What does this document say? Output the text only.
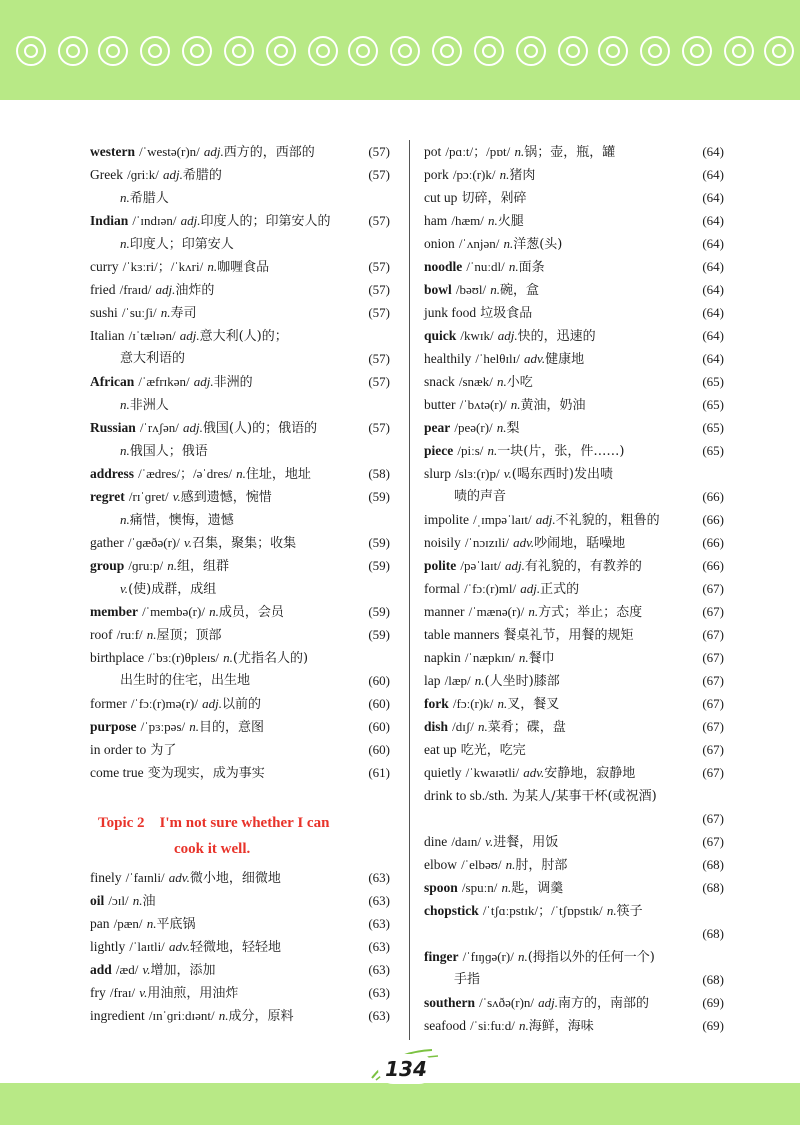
western /ˈwestə(r)n/ adj.西方的，西部的	(57)
Greek /ɡriːk/ adj.希腊的	(57)
n.希腊人
Indian /ˈɪndɪən/ adj.印度人的；印第安人的	(57)
n.印度人；印第安人
curry /ˈkɜːri/；/ˈkʌri/ n.咖喱食品	(57)
fried /fraɪd/ adj.油炸的	(57)
sushi /ˈsuːʃi/ n.寿司	(57)
Italian /ɪˈtælɪən/ adj.意大利(人)的；
意大利语的	(57)
African /ˈæfrɪkən/ adj.非洲的	(57)
n.非洲人
Russian /ˈrʌʃən/ adj.俄国(人)的；俄语的	(57)
n.俄国人；俄语
address /ˈædres/；/əˈdres/ n.住址，地址	(58)
regret /rɪˈɡret/ v.感到遗憾，惋惜	(59)
n.痛惜，懊悔，遗憾
gather /ˈɡæðə(r)/ v.召集，聚集；收集	(59)
group /ɡruːp/ n.组，组群	(59)
v.(使)成群，成组
member /ˈmembə(r)/ n.成员，会员	(59)
roof /ruːf/ n.屋顶；顶部	(59)
birthplace /ˈbɜː(r)θpleɪs/ n.(尤指名人的)
出生时的住宅，出生地	(60)
former /ˈfɔː(r)mə(r)/ adj.以前的	(60)
purpose /ˈpɜːpəs/ n.目的，意图	(60)
in order to 为了	(60)
come true 变为现实，成为事实	(61)
Topic 2　I'm not sure whether I can
cook it well.
finely /ˈfaɪnli/ adv.微小地，细微地	(63)
oil /ɔɪl/ n.油	(63)
pan /pæn/ n.平底锅	(63)
lightly /ˈlaɪtli/ adv.轻微地，轻轻地	(63)
add /æd/ v.增加，添加	(63)
fry /fraɪ/ v.用油煎，用油炸	(63)
ingredient /ɪnˈɡriːdɪənt/ n.成分，原料	(63)
pot /pɑːt/；/pɒt/ n.锅；壶，瓶，罐	(64)
pork /pɔː(r)k/ n.猪肉	(64)
cut up 切碎，剁碎	(64)
ham /hæm/ n.火腿	(64)
onion /ˈʌnjən/ n.洋葱(头)	(64)
noodle /ˈnuːdl/ n.面条	(64)
bowl /bəʊl/ n.碗，盒	(64)
junk food 垃圾食品	(64)
quick /kwɪk/ adj.快的，迅速的	(64)
healthily /ˈhelθɪlɪ/ adv.健康地	(64)
snack /snæk/ n.小吃	(65)
butter /ˈbʌtə(r)/ n.黄油，奶油	(65)
pear /peə(r)/ n.梨	(65)
piece /piːs/ n.一块(片，张，件……)	(65)
slurp /slɜː(r)p/ v.(喝东西时)发出啧
啧的声音	(66)
impolite /ˌɪmpəˈlaɪt/ adj.不礼貌的，粗鲁的	(66)
noisily /ˈnɔɪzɪli/ adv.吵闹地，聒噪地	(66)
polite /pəˈlaɪt/ adj.有礼貌的，有教养的	(66)
formal /ˈfɔː(r)ml/ adj.正式的	(67)
manner /ˈmænə(r)/ n.方式；举止；态度	(67)
table manners 餐桌礼节，用餐的规矩	(67)
napkin /ˈnæpkɪn/ n.餐巾	(67)
lap /læp/ n.(人坐时)膝部	(67)
fork /fɔː(r)k/ n.叉，餐叉	(67)
dish /dɪʃ/ n.菜肴；碟，盘	(67)
eat up 吃光，吃完	(67)
quietly /ˈkwaɪətli/ adv.安静地，寂静地	(67)
drink to sb./sth. 为某人/某事干杯(或祝酒)
(67)
dine /daɪn/ v.进餐，用饭	(67)
elbow /ˈelbəʊ/ n.肘，肘部	(68)
spoon /spuːn/ n.匙，调羹	(68)
chopstick /ˈtʃɑːpstɪk/；/ˈtʃɒpstɪk/ n.筷子
(68)
finger /ˈfɪŋɡə(r)/ n.(拇指以外的任何一个)
手指	(68)
southern /ˈsʌðə(r)n/ adj.南方的，南部的	(69)
seafood /ˈsiːfuːd/ n.海鲜，海味	(69)
134
